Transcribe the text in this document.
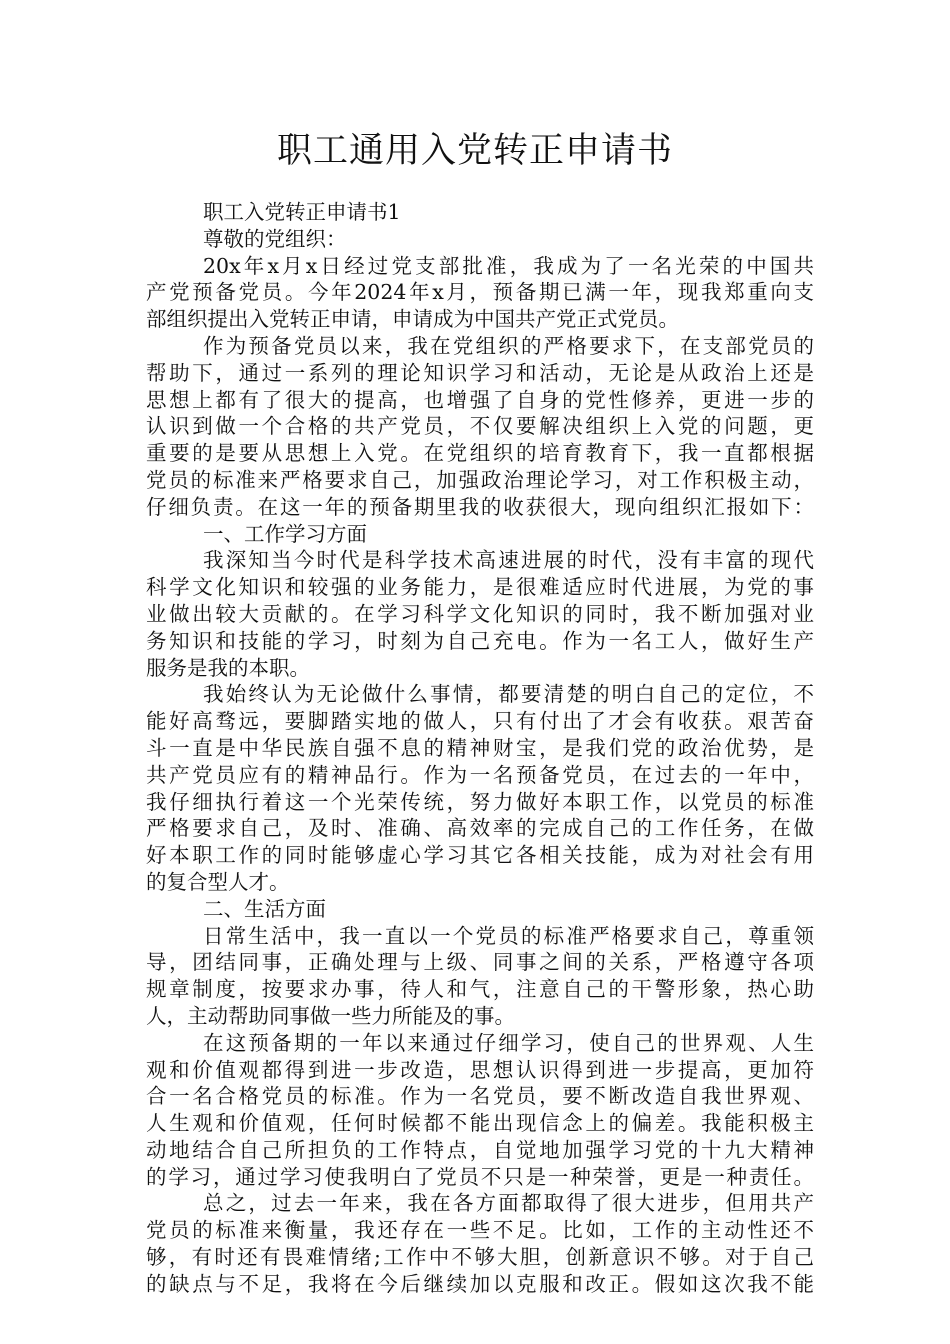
职工通用入党转正申请书
职工入党转正申请书1
尊敬的党组织：
20x年x月x日经过党支部批准，我成为了一名光荣的中国共
产党预备党员。今年2024年x月，预备期已满一年，现我郑重向支
部组织提出入党转正申请，申请成为中国共产党正式党员。
作为预备党员以来，我在党组织的严格要求下，在支部党员的
帮助下，通过一系列的理论知识学习和活动，无论是从政治上还是
思想上都有了很大的提高，也增强了自身的党性修养，更进一步的
认识到做一个合格的共产党员，不仅要解决组织上入党的问题，更
重要的是要从思想上入党。在党组织的培育教育下，我一直都根据
党员的标准来严格要求自己，加强政治理论学习，对工作积极主动，
仔细负责。在这一年的预备期里我的收获很大，现向组织汇报如下：
一、工作学习方面
我深知当今时代是科学技术高速进展的时代，没有丰富的现代
科学文化知识和较强的业务能力，是很难适应时代进展，为党的事
业做出较大贡献的。在学习科学文化知识的同时，我不断加强对业
务知识和技能的学习，时刻为自己充电。作为一名工人，做好生产
服务是我的本职。
我始终认为无论做什么事情，都要清楚的明白自己的定位，不
能好高骛远，要脚踏实地的做人，只有付出了才会有收获。艰苦奋
斗一直是中华民族自强不息的精神财宝，是我们党的政治优势，是
共产党员应有的精神品行。作为一名预备党员，在过去的一年中，
我仔细执行着这一个光荣传统，努力做好本职工作，以党员的标准
严格要求自己，及时、准确、高效率的完成自己的工作任务，在做
好本职工作的同时能够虚心学习其它各相关技能，成为对社会有用
的复合型人才。
二、生活方面
日常生活中，我一直以一个党员的标准严格要求自己，尊重领
导，团结同事，正确处理与上级、同事之间的关系，严格遵守各项
规章制度，按要求办事，待人和气，注意自己的干警形象，热心助
人，主动帮助同事做一些力所能及的事。
在这预备期的一年以来通过仔细学习，使自己的世界观、人生
观和价值观都得到进一步改造，思想认识得到进一步提高，更加符
合一名合格党员的标准。作为一名党员，要不断改造自我世界观、
人生观和价值观，任何时候都不能出现信念上的偏差。我能积极主
动地结合自己所担负的工作特点，自觉地加强学习党的十九大精神
的学习，通过学习使我明白了党员不只是一种荣誉，更是一种责任。
总之，过去一年来，我在各方面都取得了很大进步，但用共产
党员的标准来衡量，我还存在一些不足。比如，工作的主动性还不
够，有时还有畏难情绪;工作中不够大胆，创新意识不够。对于自己
的缺点与不足，我将在今后继续加以克服和改正。假如这次我不能
